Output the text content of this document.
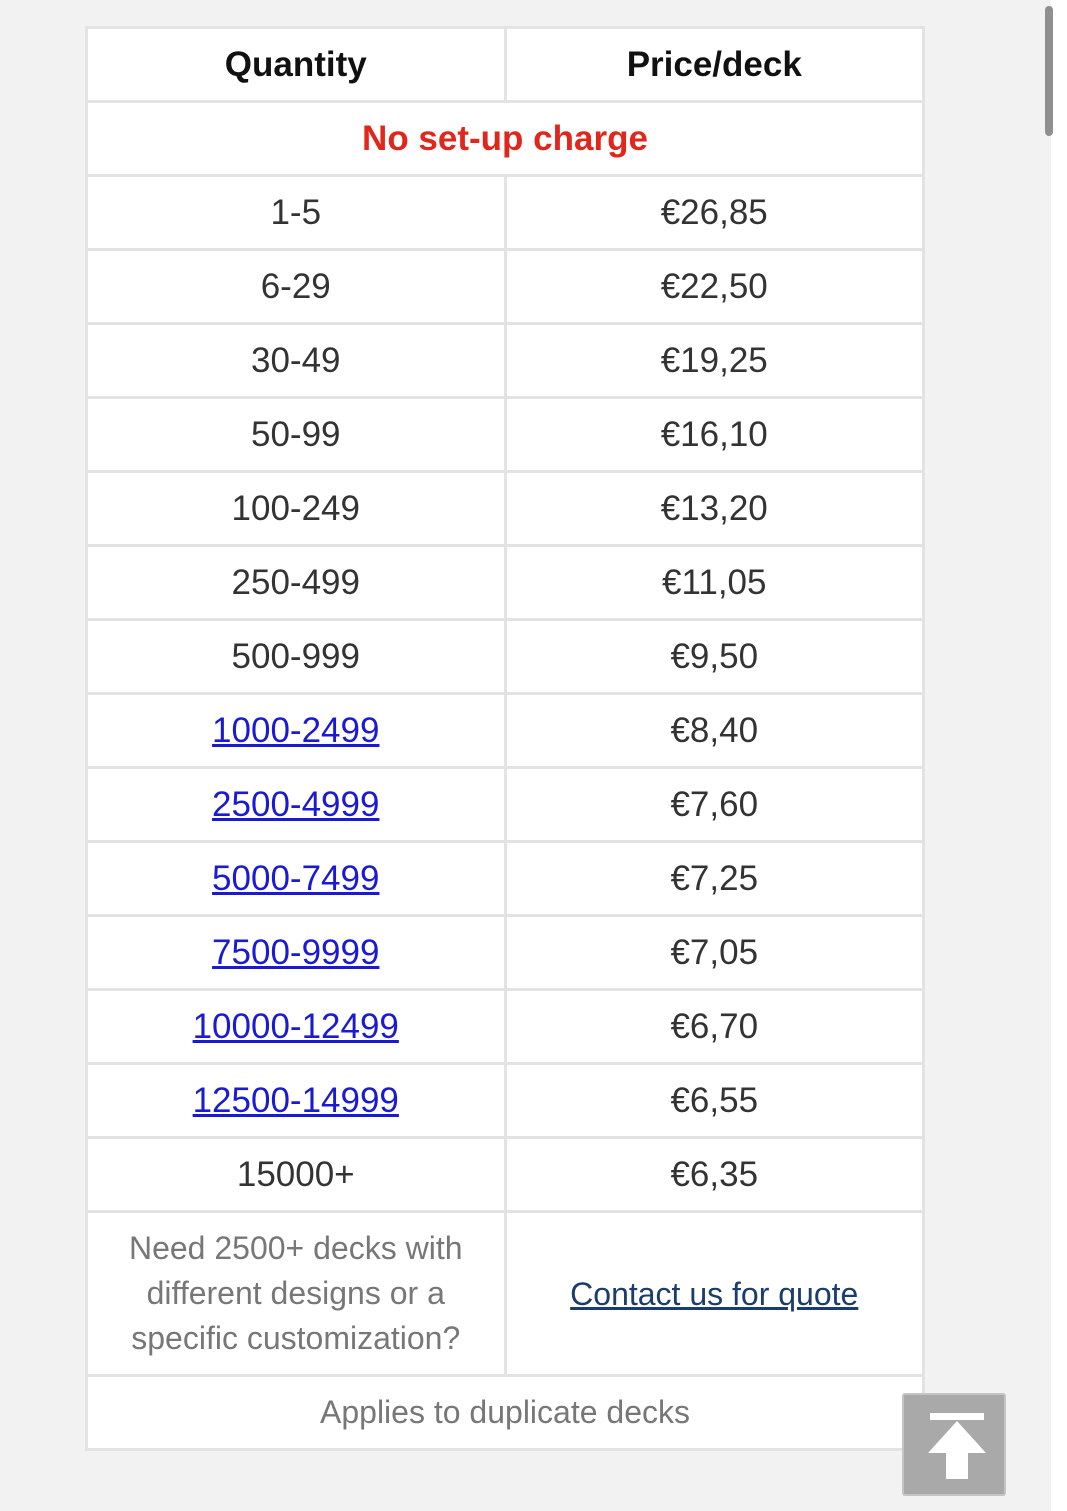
Quantity	Price/deck
No set-up charge	
1-5	€26,85
6-29	€22,50
30-49	€19,25
50-99	€16,10
100-249	€13,20
250-499	€11,05
500-999	€9,50
1000-2499	€8,40
2500-4999	€7,60
5000-7499	€7,25
7500-9999	€7,05
10000-12499	€6,70
12500-14999	€6,55
15000+	€6,35
Need 2500+ decks with different designs or a specific customization?	Contact us for quote
Applies to duplicate decks	
